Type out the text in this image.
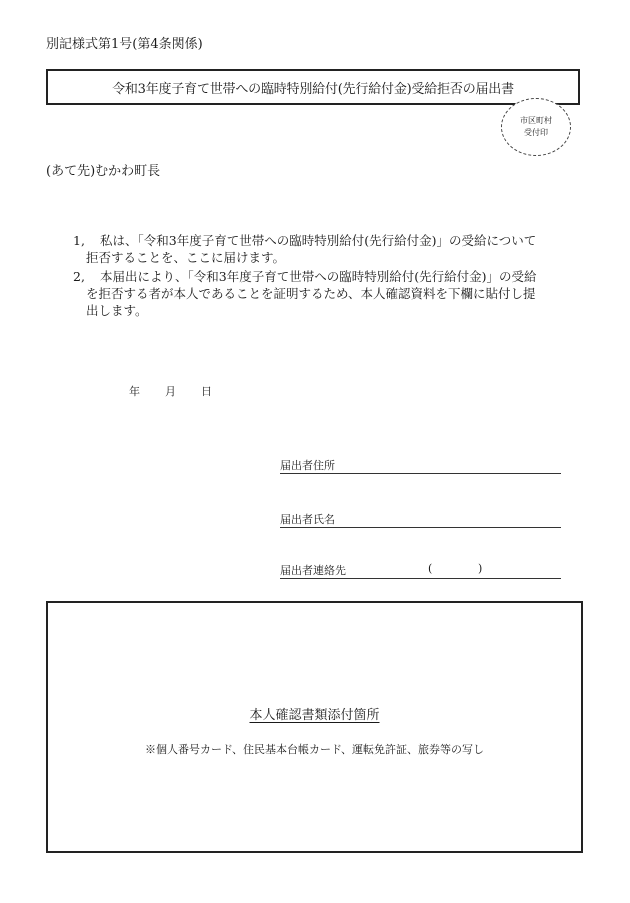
別記様式第1号(第4条関係)
令和3年度子育て世帯への臨時特別給付(先行給付金)受給拒否の届出書
市区町村
受付印
(あて先)むかわ町長
1,	私は、「令和3年度子育て世帯への臨時特別給付(先行給付金)」の受給について
拒否することを、ここに届けます。
2,	本届出により、「令和3年度子育て世帯への臨時特別給付(先行給付金)」の受給
を拒否する者が本人であることを証明するため、本人確認資料を下欄に貼付し提
出します。
年 月 日
届出者住所
届出者氏名
届出者連絡先	(	)
本人確認書類添付箇所
※個人番号カード、住民基本台帳カード、運転免許証、旅券等の写し
